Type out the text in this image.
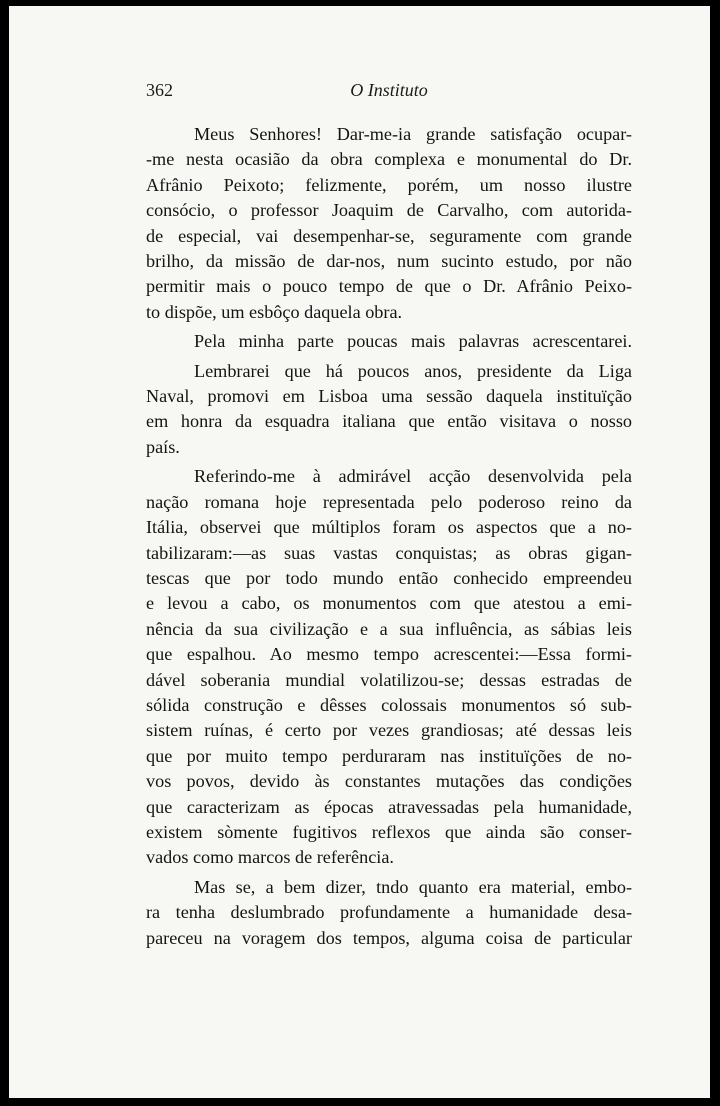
362	O Instituto
Meus Senhores! Dar-me-ia grande satisfação ocupar-
-me nesta ocasião da obra complexa e monumental do Dr.
Afrânio Peixoto; felizmente, porém, um nosso ilustre
consócio, o professor Joaquim de Carvalho, com autorida-
de especial, vai desempenhar-se, seguramente com grande
brilho, da missão de dar-nos, num sucinto estudo, por não
permitir mais o pouco tempo de que o Dr. Afrânio Peixo-
to dispõe, um esbôço daquela obra.
Pela minha parte poucas mais palavras acrescentarei.
Lembrarei que há poucos anos, presidente da Liga
Naval, promovi em Lisboa uma sessão daquela instituïção
em honra da esquadra italiana que então visitava o nosso
país.
Referindo-me à admirável acção desenvolvida pela
nação romana hoje representada pelo poderoso reino da
Itália, observei que múltiplos foram os aspectos que a no-
tabilizaram:—as suas vastas conquistas; as obras gigan-
tescas que por todo mundo então conhecido empreendeu
e levou a cabo, os monumentos com que atestou a emi-
nência da sua civilização e a sua influência, as sábias leis
que espalhou. Ao mesmo tempo acrescentei:—Essa formi-
dável soberania mundial volatilizou-se; dessas estradas de
sólida construção e dêsses colossais monumentos só sub-
sistem ruínas, é certo por vezes grandiosas; até dessas leis
que por muito tempo perduraram nas instituïções de no-
vos povos, devido às constantes mutações das condições
que caracterizam as épocas atravessadas pela humanidade,
existem sòmente fugitivos reflexos que ainda são conser-
vados como marcos de referência.
Mas se, a bem dizer, tndo quanto era material, embo-
ra tenha deslumbrado profundamente a humanidade desa-
pareceu na voragem dos tempos, alguma coisa de particular
